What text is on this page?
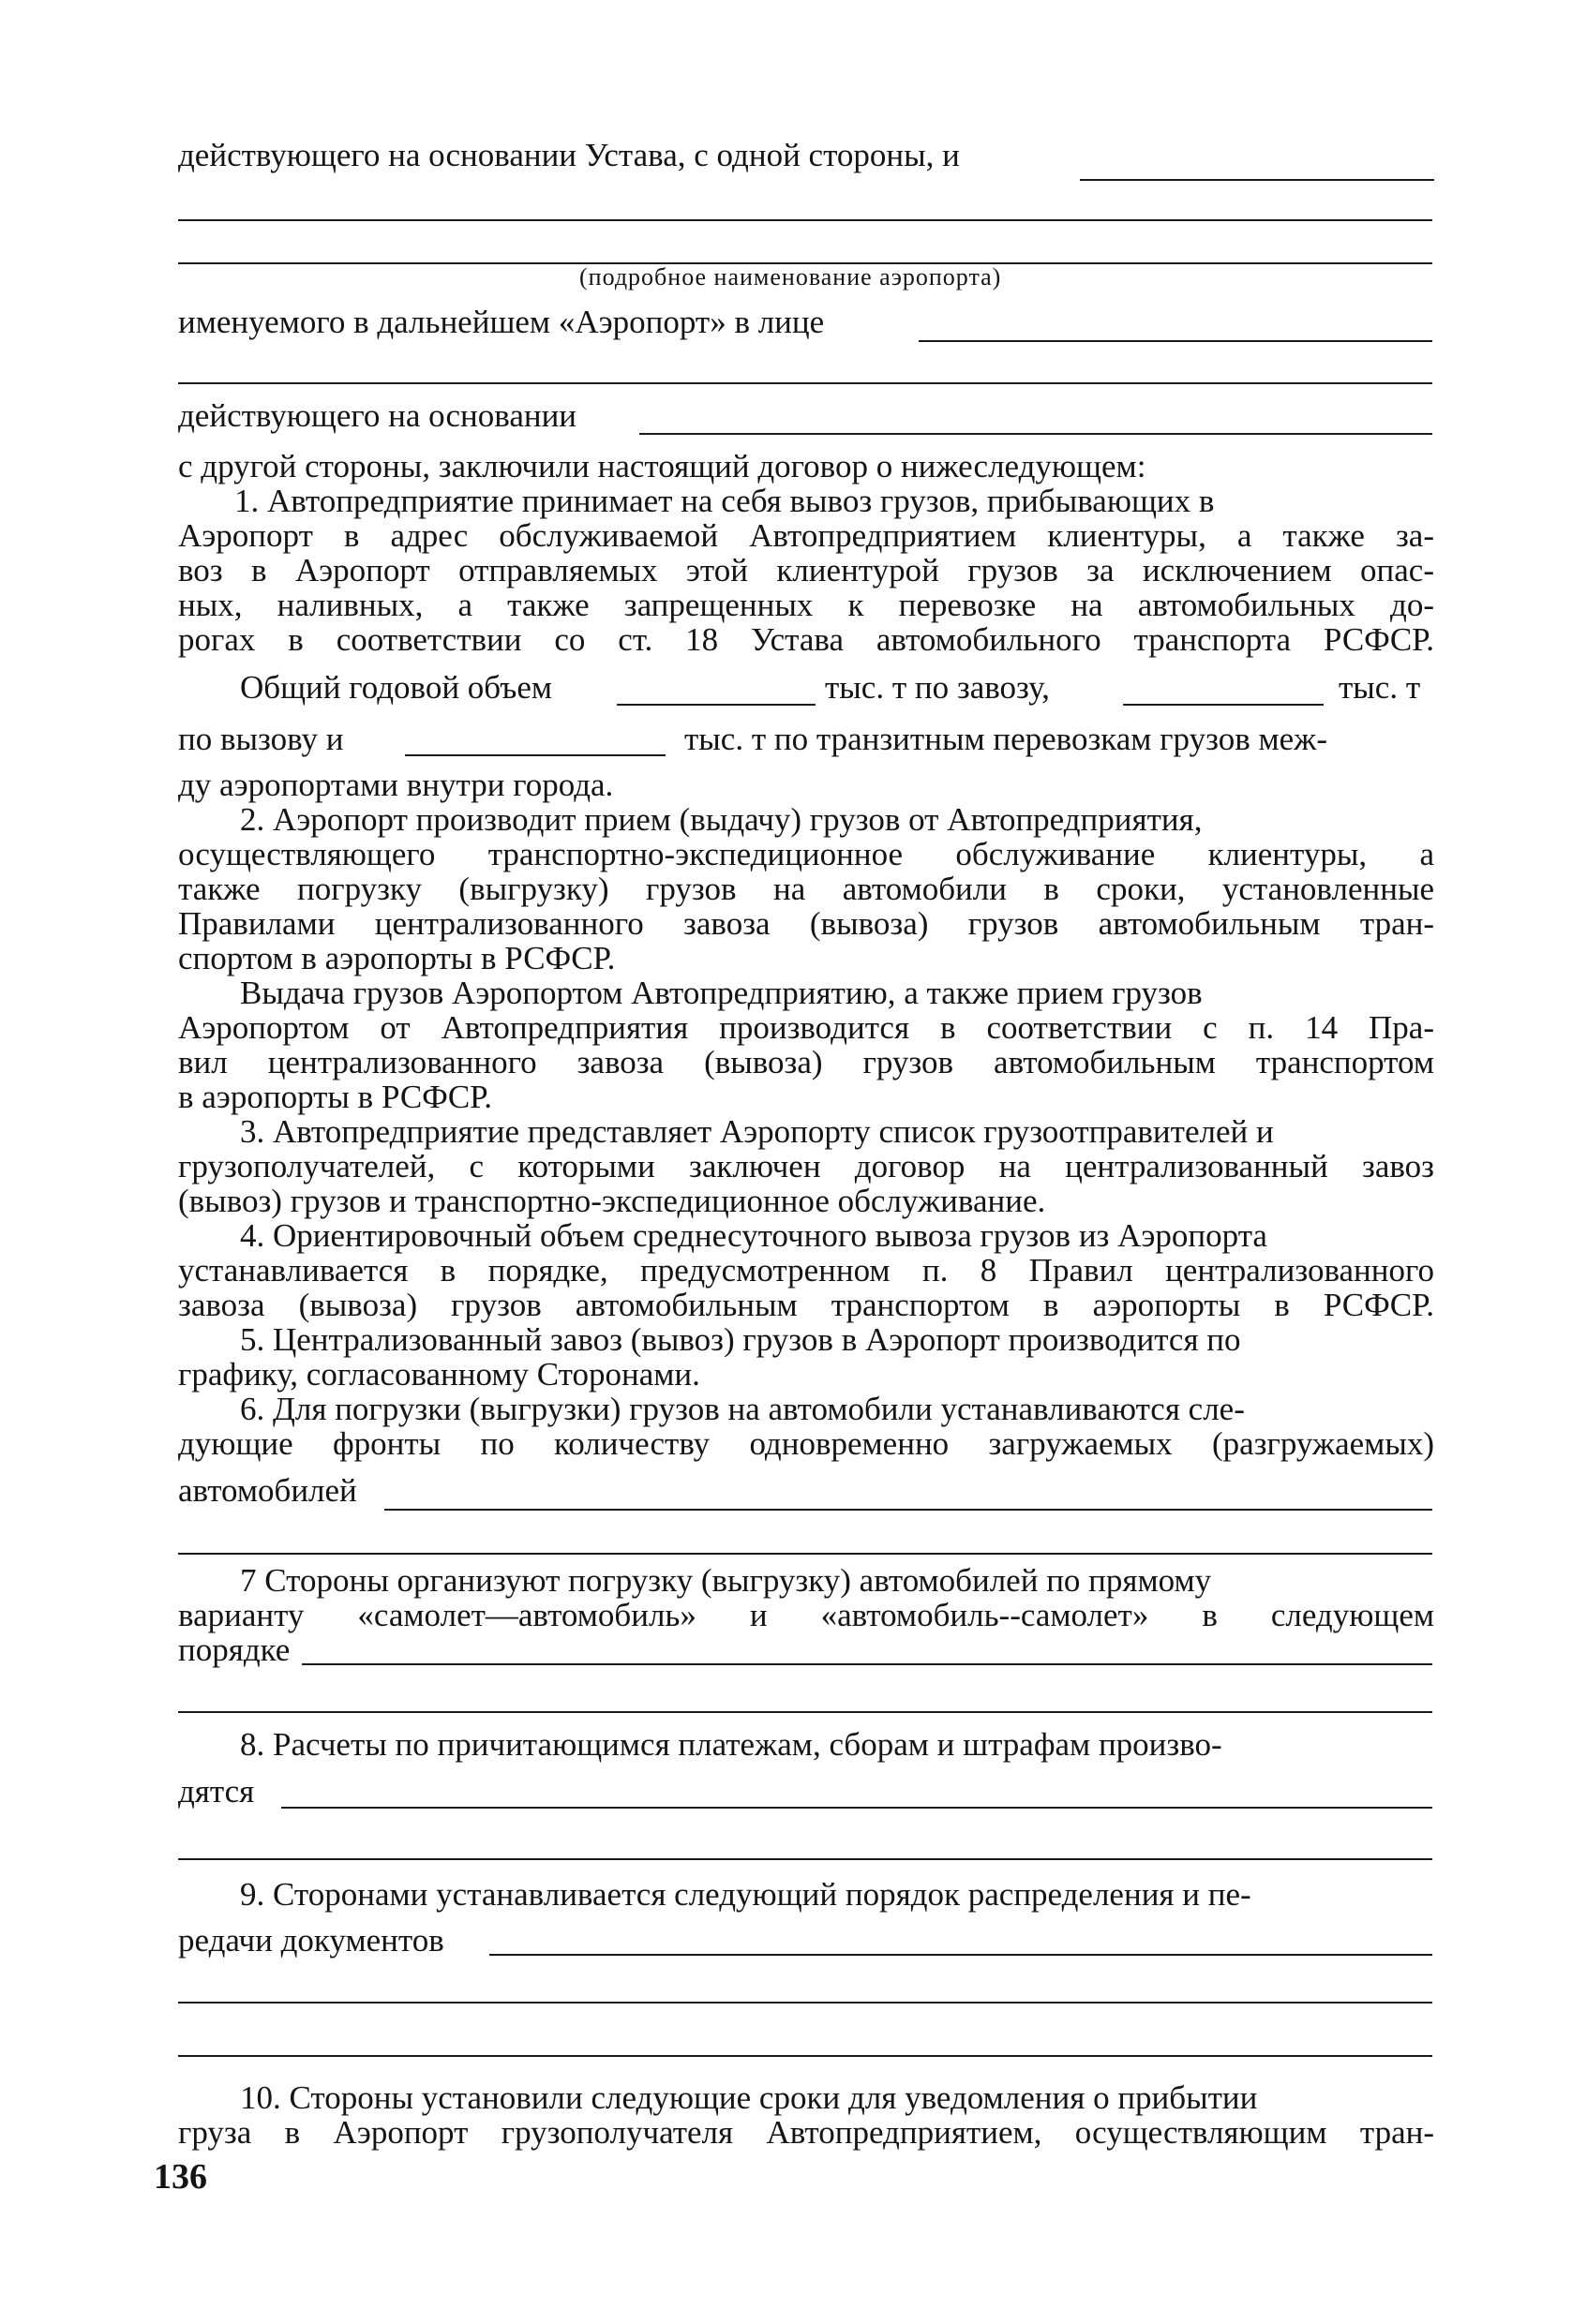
действующего на основании Устава, с одной стороны, и
(подробное наименование аэропорта)
именуемого в дальнейшем «Аэропорт» в лице
действующего на основании
с другой стороны, заключили настоящий договор о нижеследующем:
1. Автопредприятие принимает на себя вывоз грузов, прибывающих в
Аэропорт в адрес обслуживаемой Автопредприятием клиентуры, а также за-
воз в Аэропорт отправляемых этой клиентурой грузов за исключением опас-
ных, наливных, а также запрещенных к перевозке на автомобильных до-
рогах в соответствии со ст. 18 Устава автомобильного транспорта РСФСР.
Общий годовой объем	тыс. т по завозу,	тыс. т
по вызову и	тыс. т по транзитным перевозкам грузов меж-
ду аэропортами внутри города.
2. Аэропорт производит прием (выдачу) грузов от Автопредприятия,
осуществляющего транспортно-экспедиционное обслуживание клиентуры, а
также погрузку (выгрузку) грузов на автомобили в сроки, установленные
Правилами централизованного завоза (вывоза) грузов автомобильным тран-
спортом в аэропорты в РСФСР.
Выдача грузов Аэропортом Автопредприятию, а также прием грузов
Аэропортом от Автопредприятия производится в соответствии с п. 14 Пра-
вил централизованного завоза (вывоза) грузов автомобильным транспортом
в аэропорты в РСФСР.
3. Автопредприятие представляет Аэропорту список грузоотправителей и
грузополучателей, с которыми заключен договор на централизованный завоз
(вывоз) грузов и транспортно-экспедиционное обслуживание.
4. Ориентировочный объем среднесуточного вывоза грузов из Аэропорта
устанавливается в порядке, предусмотренном п. 8 Правил централизованного
завоза (вывоза) грузов автомобильным транспортом в аэропорты в РСФСР.
5. Централизованный завоз (вывоз) грузов в Аэропорт производится по
графику, согласованному Сторонами.
6. Для погрузки (выгрузки) грузов на автомобили устанавливаются сле-
дующие фронты по количеству одновременно загружаемых (разгружаемых)
автомобилей
7 Стороны организуют погрузку (выгрузку) автомобилей по прямому
варианту «самолет—автомобиль» и «автомобиль--самолет» в следующем
порядке
8. Расчеты по причитающимся платежам, сборам и штрафам произво-
дятся
9. Сторонами устанавливается следующий порядок распределения и пе-
редачи документов
10. Стороны установили следующие сроки для уведомления о прибытии
груза в Аэропорт грузополучателя Автопредприятием, осуществляющим тран-
136
